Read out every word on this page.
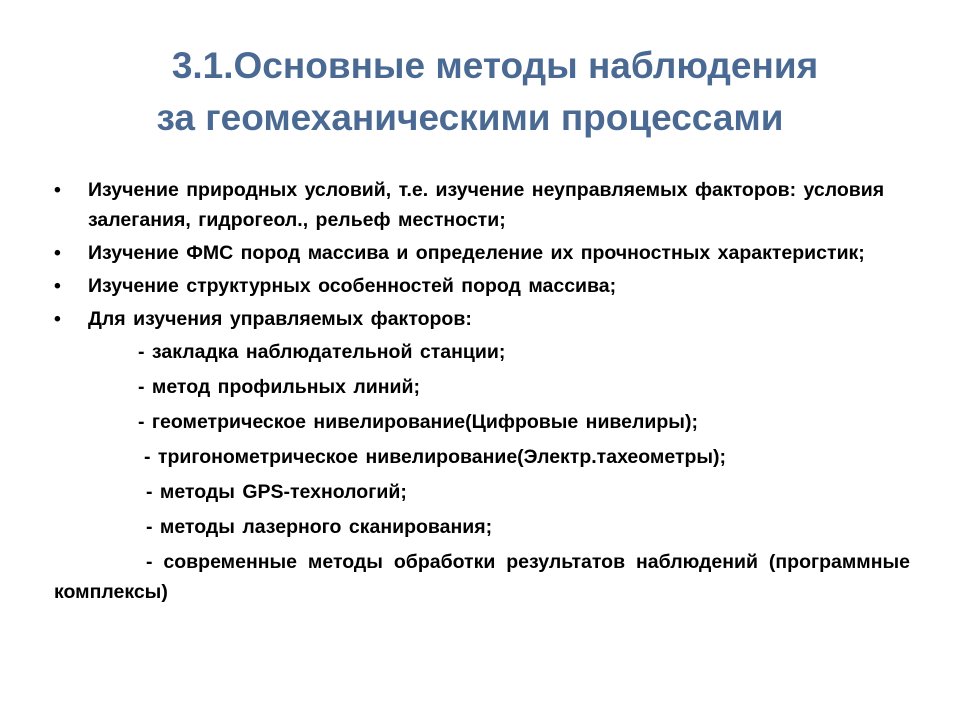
3.1.Основные методы наблюдения
за геомеханическими процессами
• Изучение природных условий, т.е. изучение неуправляемых факторов: условия залегания, гидрогеол., рельеф местности;
• Изучение ФМС пород массива и определение их прочностных характеристик;
• Изучение структурных особенностей пород массива;
• Для изучения управляемых факторов:
- закладка наблюдательной станции;
- метод профильных линий;
- геометрическое нивелирование(Цифровые нивелиры);
- тригонометрическое нивелирование(Электр.тахеометры);
- методы GPS-технологий;
- методы лазерного сканирования;
- современные методы обработки результатов наблюдений (программные комплексы)
